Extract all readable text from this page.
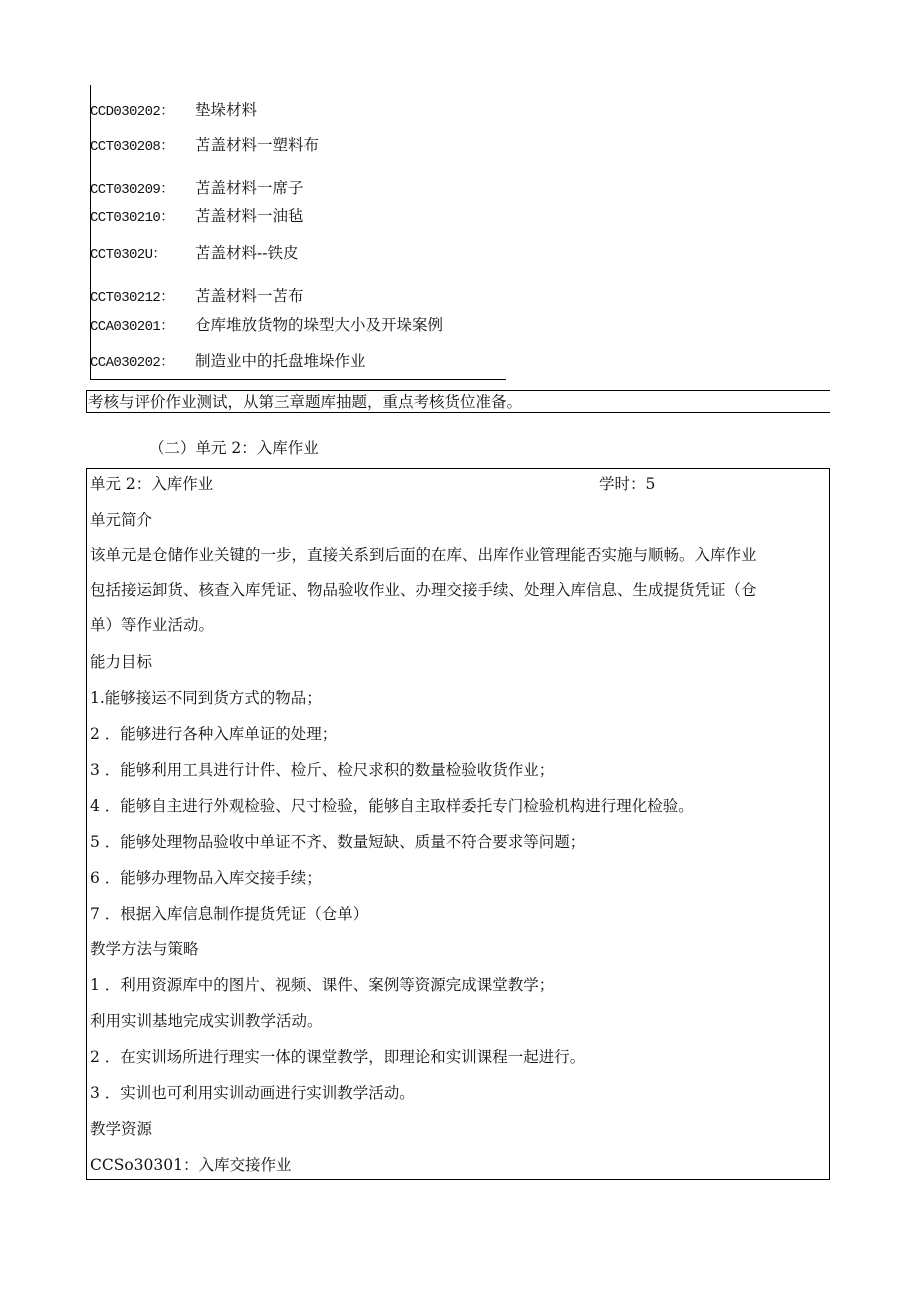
CCD030202： 垫垛材料
CCT030208： 苫盖材料一塑料布
CCT030209： 苫盖材料一席子
CCT030210： 苫盖材料一油毡
CCT0302U： 苫盖材料--铁皮
CCT030212： 苫盖材料一苫布
CCA030201： 仓库堆放货物的垛型大小及开垛案例
CCA030202： 制造业中的托盘堆垛作业
考核与评价作业测试，从第三章题库抽题，重点考核货位准备。
（二）单元 2：入库作业
单元 2：入库作业	学时：5
单元简介
该单元是仓储作业关键的一步，直接关系到后面的在库、出库作业管理能否实施与顺畅。入库作业
包括接运卸货、核查入库凭证、物品验收作业、办理交接手续、处理入库信息、生成提货凭证（仓
单）等作业活动。
能力目标
1.能够接运不同到货方式的物品；
2 ．能够进行各种入库单证的处理；
3 ．能够利用工具进行计件、检斤、检尺求积的数量检验收货作业；
4 ．能够自主进行外观检验、尺寸检验，能够自主取样委托专门检验机构进行理化检验。
5 ．能够处理物品验收中单证不齐、数量短缺、质量不符合要求等问题；
6 ．能够办理物品入库交接手续；
7 ．根据入库信息制作提货凭证（仓单）
教学方法与策略
1 ．利用资源库中的图片、视频、课件、案例等资源完成课堂教学；
利用实训基地完成实训教学活动。
2 ．在实训场所进行理实一体的课堂教学，即理论和实训课程一起进行。
3 ．实训也可利用实训动画进行实训教学活动。
教学资源
CCSo30301：入库交接作业
